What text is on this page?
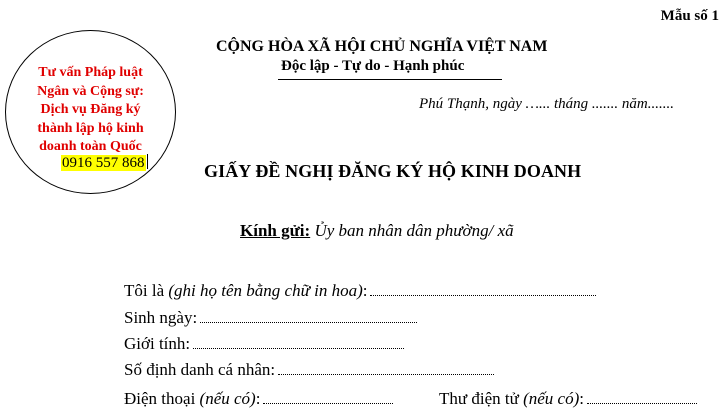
Mẫu số 1
CỘNG HÒA XÃ HỘI CHỦ NGHĨA VIỆT NAM
Độc lập - Tự do - Hạnh phúc
Phú Thạnh, ngày …... tháng ....... năm.......
Tư vấn Pháp luật
Ngân và Cộng sự:
Dịch vụ Đăng ký
thành lập hộ kinh
doanh toàn Quốc
0916 557 868	GIẤY ĐỀ NGHỊ ĐĂNG KÝ HỘ KINH DOANH
Kính gửi: Ủy ban nhân dân phường/ xã
Tôi là (ghi họ tên bằng chữ in hoa):
Sinh ngày:
Giới tính:
Số định danh cá nhân:
Điện thoại (nếu có):	Thư điện tử (nếu có):
